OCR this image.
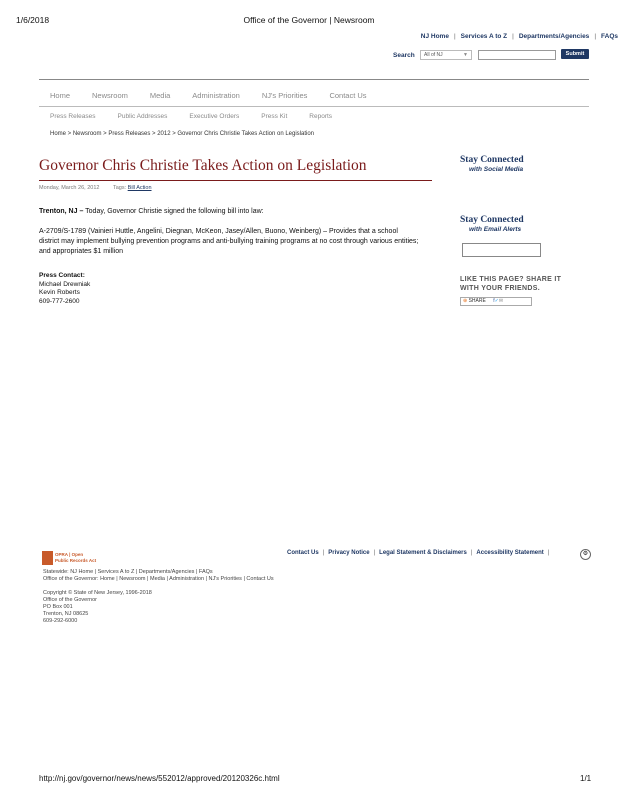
1/6/2018	Office of the Governor | Newsroom
NJ Home | Services A to Z | Departments/Agencies | FAQs
Search	All of NJ	▼	Submit
Home	Newsroom	Media	Administration	NJ's Priorities	Contact Us
Press Releases	Public Addresses	Executive Orders	Press Kit	Reports
Home > Newsroom > Press Releases > 2012 > Governor Chris Christie Takes Action on Legislation
Governor Chris Christie Takes Action on Legislation
Monday, March 26, 2012 Tags: Bill Action
Trenton, NJ – Today, Governor Christie signed the following bill into law:
A-2709/S-1789 (Vainieri Huttle, Angelini, Diegnan, McKeon, Jasey/Allen, Buono, Weinberg) – Provides that a school district may implement bullying prevention programs and anti-bullying training programs at no cost through various entities; and appropriates $1 million
Press Contact:
Michael Drewniak
Kevin Roberts
609-777-2600
Stay Connected
with Social Media
Stay Connected
with Email Alerts
LIKE THIS PAGE? SHARE IT
WITH YOUR FRIENDS.
⊕ SHARE f✓✉
OPRA | Open
Public Records Act
Contact Us | Privacy Notice | Legal Statement & Disclaimers | Accessibility Statement |	⚙
Statewide: NJ Home | Services A to Z | Departments/Agencies | FAQs
Office of the Governor: Home | Newsroom | Media | Administration | NJ's Priorities | Contact Us
Copyright © State of New Jersey, 1996-2018
Office of the Governor
PO Box 001
Trenton, NJ 08625
609-292-6000
http://nj.gov/governor/news/news/552012/approved/20120326c.html	1/1
